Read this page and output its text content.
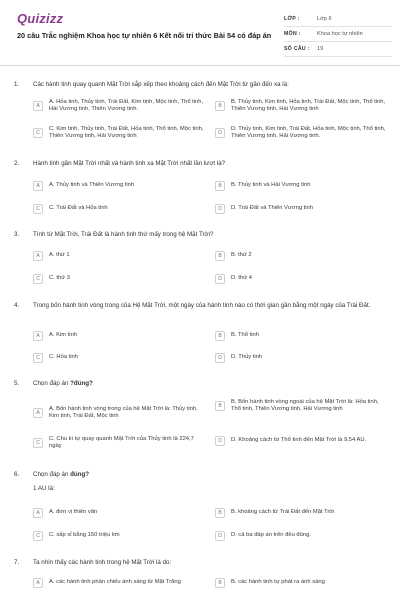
Quizizz
20 câu Trắc nghiệm Khoa học tự nhiên 6 Kết nối tri thức Bài 54 có đáp án
LỚP :	Lớp 6
MÔN :	Khoa học tự nhiên
SỐ CÂU :	19
1.	Các hành tinh quay quanh Mặt Trời sắp xếp theo khoảng cách đến Mặt Trời từ gần đến xa là:
A
A. Hỏa tinh, Thủy tinh, Trái Đất, Kim tinh, Mộc tinh, Thổ tinh, Hải Vương tinh, Thiên Vương tinh.	B
B. Thủy tinh, Kim tinh, Hỏa tinh, Trái Đất, Mộc tinh, Thổ tinh, Thiên Vương tinh, Hải Vương tinh
C
C. Kim tinh, Thủy tinh, Trái Đất, Hỏa tinh, Thổ tinh, Mộc tinh, Thiên Vương tinh, Hải Vương tinh	D
D. Thủy tinh, Kim tinh, Trái Đất, Hỏa tinh, Mộc tinh, Thổ tinh, Thiên Vương tinh, Hải Vương tinh.
2.	Hành tinh gần Mặt Trời nhất và hành tinh xa Mặt Trời nhất lần lượt là?
A	A. Thủy tinh và Thiên Vương tinh	B	B. Thủy tinh và Hải Vương tinh
C	C. Trái Đất và Hỏa tinh	D	D. Trái Đất và Thiên Vương tinh
3.	Tính từ Mặt Trời, Trái Đất là hành tinh thứ mấy trong hệ Mặt Trời?
A	A. thứ 1	B	B. thứ 2
C	C. thứ 3	D	D. thứ 4
4.	Trong bốn hành tinh vòng trong của Hệ Mặt Trời, một ngày của hành tinh nào có thời gian gần bằng một ngày của Trái Đất.
A	A. Kim tinh	B	B. Thổ tinh
C	C. Hỏa tinh	D	D. Thủy tinh
5.	Chọn đáp án ?đúng?
A
A. Bốn hành tinh vòng trong của hệ Mặt Trời là: Thủy tinh, Kim tinh, Trái Đất, Mộc tinh
B
B. Bốn hành tinh vòng ngoài của hệ Mặt Trời là: Hỏa tinh, Thổ tinh, Thiên Vương tinh, Hải Vương tinh
C
C. Chu kì tự quay quanh Mặt Trời của Thủy tinh là 224,7 ngày
D	D. Khoảng cách từ Thổ tinh đến Mặt Trời là 9,54 AU.
6.	Chọn đáp án đúng?
1 AU là:
A	A. đơn vị thiên văn	B	B. khoảng cách từ Trái Đất đến Mặt Trời
C	C. xấp xỉ bằng 150 triệu km	D	D. cả ba đáp án trên đều đúng.
7.	Ta nhìn thấy các hành tinh trong hệ Mặt Trời là do:
A	A. các hành tinh phản chiếu ánh sáng từ Mặt Trăng	B	B. các hành tinh tự phát ra ánh sáng
